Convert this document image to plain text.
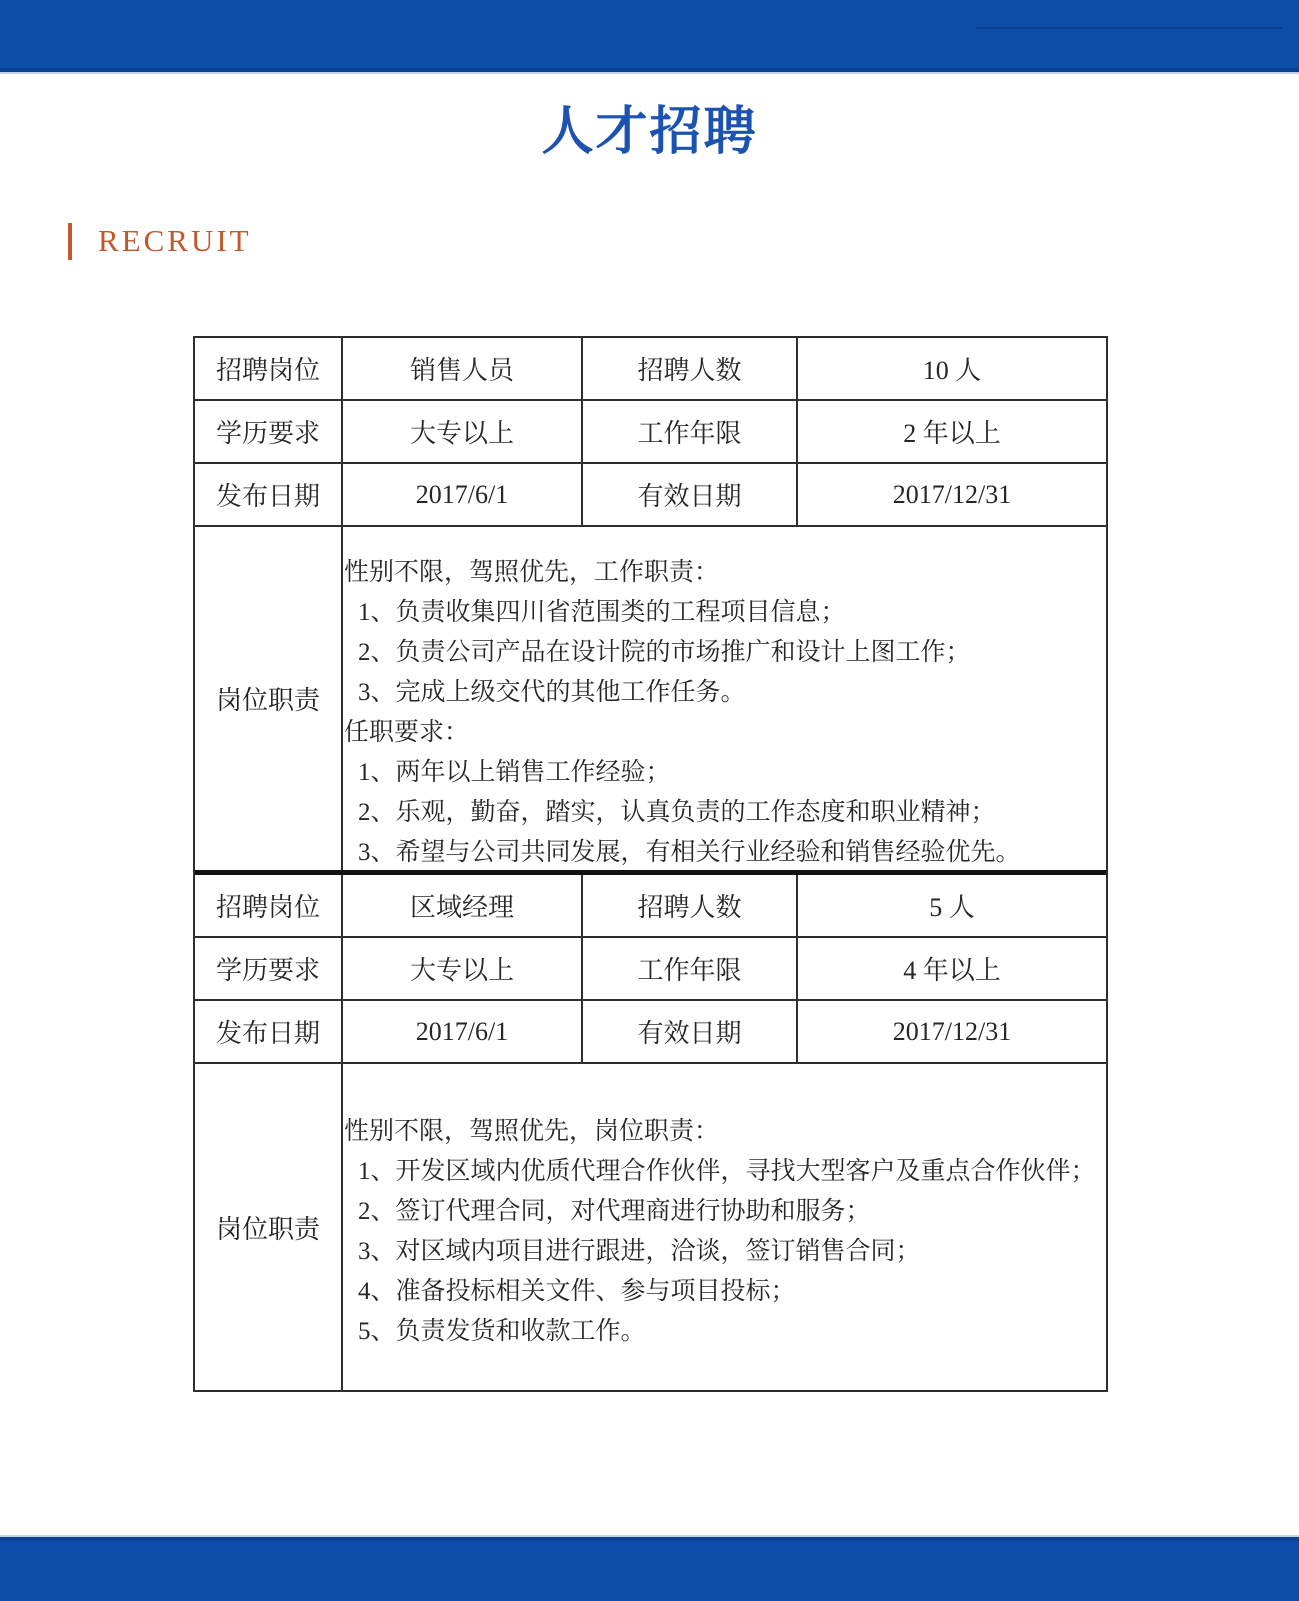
人才招聘
RECRUIT
招聘岗位	销售人员	招聘人数	10 人
学历要求	大专以上	工作年限	2 年以上
发布日期	2017/6/1	有效日期	2017/12/31
岗位职责
性别不限，驾照优先，工作职责：
1、负责收集四川省范围类的工程项目信息；
2、负责公司产品在设计院的市场推广和设计上图工作；
3、完成上级交代的其他工作任务。
任职要求：
1、两年以上销售工作经验；
2、乐观，勤奋，踏实，认真负责的工作态度和职业精神；
3、希望与公司共同发展，有相关行业经验和销售经验优先。
招聘岗位	区域经理	招聘人数	5 人
学历要求	大专以上	工作年限	4 年以上
发布日期	2017/6/1	有效日期	2017/12/31
岗位职责
性别不限，驾照优先，岗位职责：
1、开发区域内优质代理合作伙伴，寻找大型客户及重点合作伙伴；
2、签订代理合同，对代理商进行协助和服务；
3、对区域内项目进行跟进，洽谈，签订销售合同；
4、准备投标相关文件、参与项目投标；
5、负责发货和收款工作。
